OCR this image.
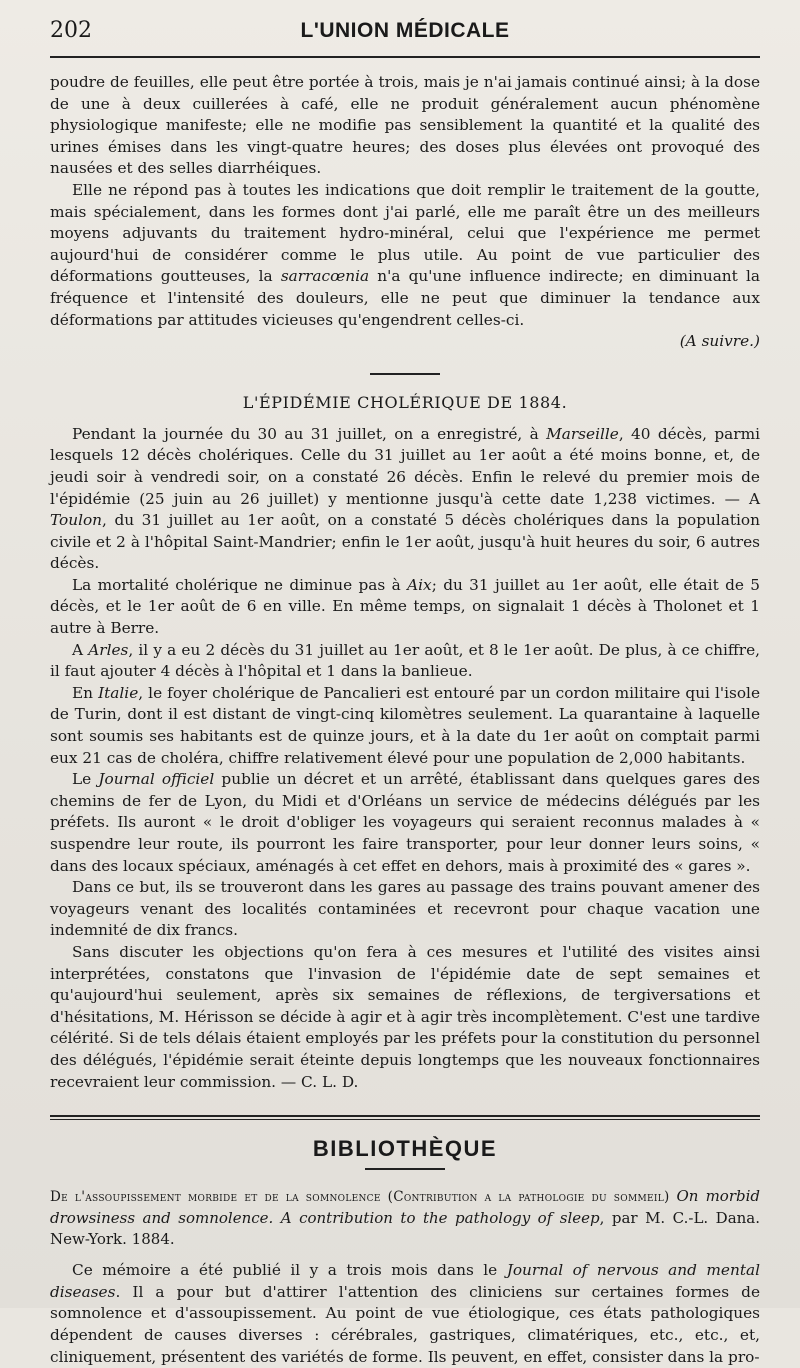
202	L'UNION MÉDICALE

poudre de feuilles, elle peut être portée à trois, mais je n'ai jamais continué ainsi; à la dose de une à deux cuillerées à café, elle ne produit généralement aucun phénomène physiologique manifeste; elle ne modifie pas sensiblement la quantité et la qualité des urines émises dans les vingt-quatre heures; des doses plus élevées ont provoqué des nausées et des selles diarrhéiques.

Elle ne répond pas à toutes les indications que doit remplir le traitement de la goutte, mais spécialement, dans les formes dont j'ai parlé, elle me paraît être un des meilleurs moyens adjuvants du traitement hydro-minéral, celui que l'expérience me permet aujourd'hui de considérer comme le plus utile. Au point de vue particulier des déformations goutteuses, la sarracœnia n'a qu'une influence indirecte; en diminuant la fréquence et l'intensité des douleurs, elle ne peut que diminuer la tendance aux déformations par attitudes vicieuses qu'engendrent celles-ci.

(A suivre.)

L'ÉPIDÉMIE CHOLÉRIQUE DE 1884.

Pendant la journée du 30 au 31 juillet, on a enregistré, à Marseille, 40 décès, parmi lesquels 12 décès cholériques. Celle du 31 juillet au 1er août a été moins bonne, et, de jeudi soir à vendredi soir, on a constaté 26 décès. Enfin le relevé du premier mois de l'épidémie (25 juin au 26 juillet) y mentionne jusqu'à cette date 1,238 victimes. — A Toulon, du 31 juillet au 1er août, on a constaté 5 décès cholériques dans la population civile et 2 à l'hôpital Saint-Mandrier; enfin le 1er août, jusqu'à huit heures du soir, 6 autres décès.

La mortalité cholérique ne diminue pas à Aix; du 31 juillet au 1er août, elle était de 5 décès, et le 1er août de 6 en ville. En même temps, on signalait 1 décès à Tholonet et 1 autre à Berre.

A Arles, il y a eu 2 décès du 31 juillet au 1er août, et 8 le 1er août. De plus, à ce chiffre, il faut ajouter 4 décès à l'hôpital et 1 dans la banlieue.

En Italie, le foyer cholérique de Pancalieri est entouré par un cordon militaire qui l'isole de Turin, dont il est distant de vingt-cinq kilomètres seulement. La quarantaine à laquelle sont soumis ses habitants est de quinze jours, et à la date du 1er août on comptait parmi eux 21 cas de choléra, chiffre relativement élevé pour une population de 2,000 habitants.

Le Journal officiel publie un décret et un arrêté, établissant dans quelques gares des chemins de fer de Lyon, du Midi et d'Orléans un service de médecins délégués par les préfets. Ils auront « le droit d'obliger les voyageurs qui seraient reconnus malades à « suspendre leur route, ils pourront les faire transporter, pour leur donner leurs soins, « dans des locaux spéciaux, aménagés à cet effet en dehors, mais à proximité des « gares ».

Dans ce but, ils se trouveront dans les gares au passage des trains pouvant amener des voyageurs venant des localités contaminées et recevront pour chaque vacation une indemnité de dix francs.

Sans discuter les objections qu'on fera à ces mesures et l'utilité des visites ainsi interprétées, constatons que l'invasion de l'épidémie date de sept semaines et qu'aujourd'hui seulement, après six semaines de réflexions, de tergiversations et d'hésitations, M. Hérisson se décide à agir et à agir très incomplètement. C'est une tardive célérité. Si de tels délais étaient employés par les préfets pour la constitution du personnel des délégués, l'épidémie serait éteinte depuis longtemps que les nouveaux fonctionnaires recevraient leur commission. — C. L. D.

BIBLIOTHÈQUE
De l'assoupissement morbide et de la somnolence (Contribution a la pathologie du sommeil) On morbid drowsiness and somnolence. A contribution to the pathology of sleep, par M. C.-L. Dana. New-York. 1884.

Ce mémoire a été publié il y a trois mois dans le Journal of nervous and mental diseases. Il a pour but d'attirer l'attention des cliniciens sur certaines formes de somnolence et d'assoupissement. Au point de vue étiologique, ces états pathologiques dépendent de causes diverses : cérébrales, gastriques, climatériques, etc., etc., et, cliniquement, présentent des variétés de forme. Ils peuvent, en effet, consister dans la pro-
